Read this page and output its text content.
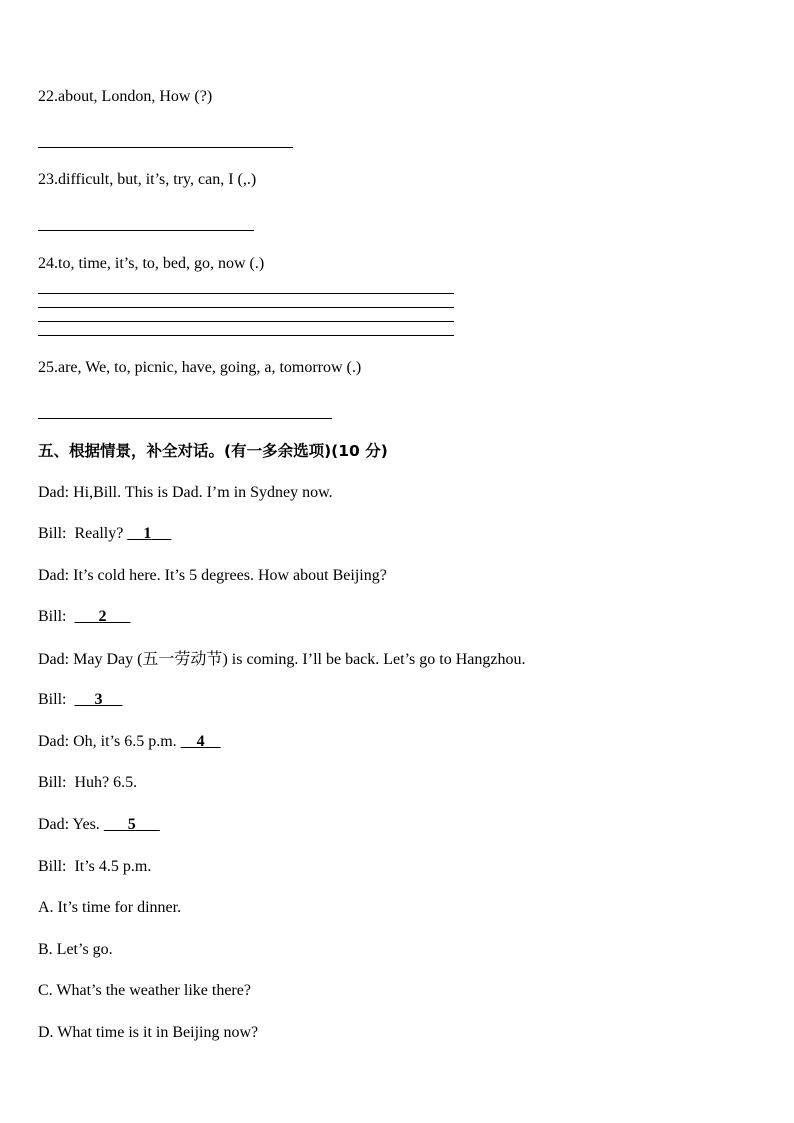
22.about, London, How (?)
23.difficult, but, it’s, try, can, I (,.)
24.to, time, it’s, to, bed, go, now (.)
25.are, We, to, picnic, have, going, a, tomorrow (.)
五、根据情景，补全对话。(有一多余选项)(10 分)
Dad: Hi,Bill. This is Dad. I’m in Sydney now.
Bill: Really? 1
Dad: It’s cold here. It’s 5 degrees. How about Beijing?
Bill: 2
Dad: May Day (五一劳动节) is coming. I’ll be back. Let’s go to Hangzhou.
Bill: 3
Dad: Oh, it’s 6.5 p.m. 4
Bill: Huh? 6.5.
Dad: Yes. 5
Bill: It’s 4.5 p.m.
A. It’s time for dinner.
B. Let’s go.
C. What’s the weather like there?
D. What time is it in Beijing now?
